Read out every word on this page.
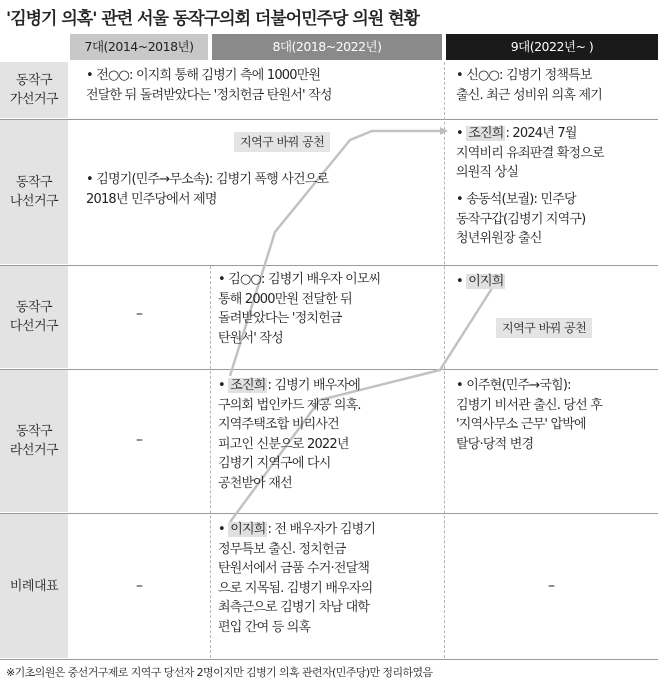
'김병기 의혹' 관련 서울 동작구의회 더불어민주당 의원 현황
7대(2014~2018년)	8대(2018~2022년)	9대(2022년~ )
동작구
가선거구
동작구
나선거구
동작구
다선거구
동작구
라선거구
비례대표
지역구 바꿔 공천
지역구 바꿔 공천
• 전○○: 이지희 통해 김병기 측에 1000만원
전달한 뒤 돌려받았다는 '정치헌금 탄원서' 작성
• 신○○: 김병기 정책특보
출신. 최근 성비위 의혹 제기
• 김명기(민주→무소속): 김병기 폭행 사건으로
2018년 민주당에서 제명
• 조진희 : 2024년 7월
지역비리 유죄판결 확정으로
의원직 상실
• 송동석(보궐): 민주당
동작구갑(김병기 지역구)
청년위원장 출신
–
• 김○○: 김병기 배우자 이모씨
통해 2000만원 전달한 뒤
돌려받았다는 '정치헌금
탄원서' 작성
• 이지희
–
• 조진희 : 김병기 배우자에
구의회 법인카드 제공 의혹.
지역주택조합 비리사건
피고인 신분으로 2022년
김병기 지역구에 다시
공천받아 재선
• 이주현(민주→국힘):
김병기 비서관 출신. 당선 후
'지역사무소 근무' 압박에
탈당·당적 변경
–
• 이지희 : 전 배우자가 김병기
정무특보 출신. 정치헌금
탄원서에서 금품 수거·전달책
으로 지목됨. 김병기 배우자의
최측근으로 김병기 차남 대학
편입 간여 등 의혹
–
※기초의원은 중선거구제로 지역구 당선자 2명이지만 김병기 의혹 관련자(민주당)만 정리하였음
